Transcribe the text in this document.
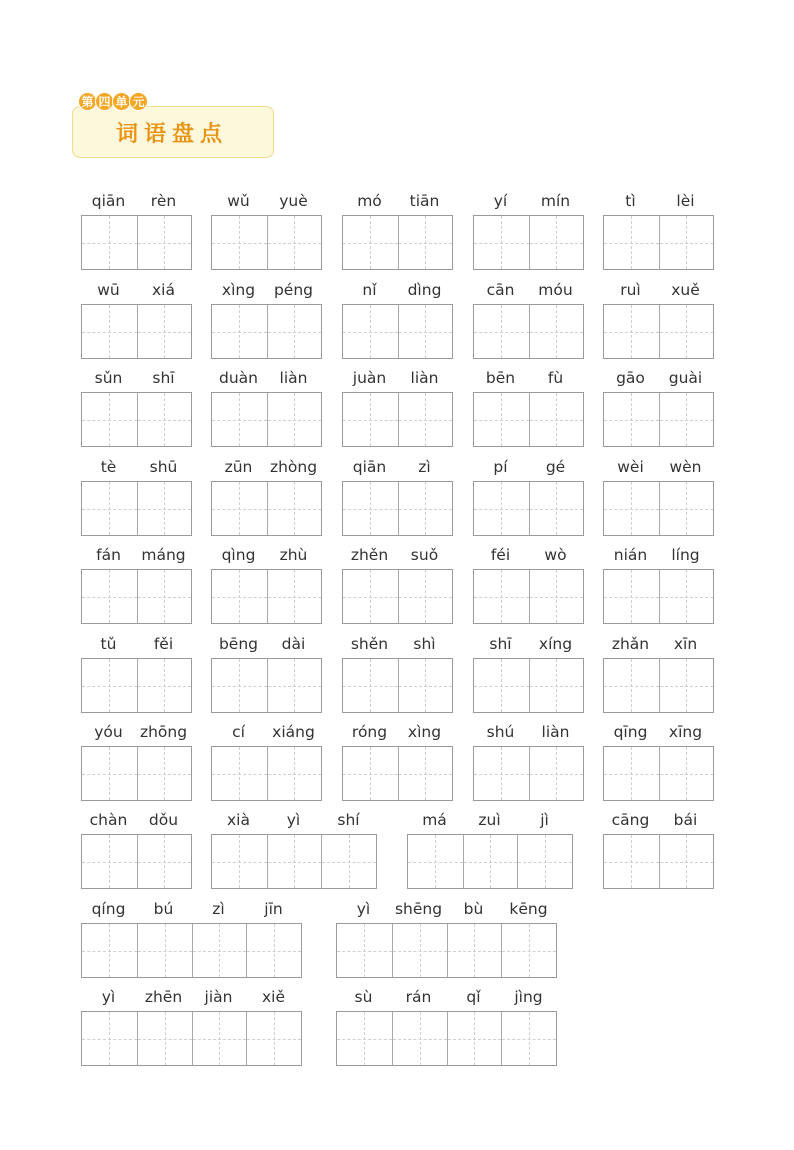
第 四 单 元
词语盘点
qiān	rèn	wǔ	yuè	mó	tiān	yí	mín	tì	lèi
wū	xiá	xìng	péng	nǐ	dìng	cān	móu	ruì	xuě
sǔn	shī	duàn	liàn	juàn	liàn	bēn	fù	gāo	guài
tè	shū	zūn	zhòng	qiān	zì	pí	gé	wèi	wèn
fán	máng	qìng	zhù	zhěn	suǒ	féi	wò	nián	líng
tǔ	fěi	bēng	dài	shěn	shì	shī	xíng	zhǎn	xīn
yóu	zhōng	cí	xiáng	róng	xìng	shú	liàn	qīng	xīng
chàn	dǒu	xià	yì	shí	má	zuì	jì	cāng	bái
qíng	bú	zì	jīn	yì	shēng	bù	kēng
yì	zhēn	jiàn	xiě	sù	rán	qǐ	jìng
